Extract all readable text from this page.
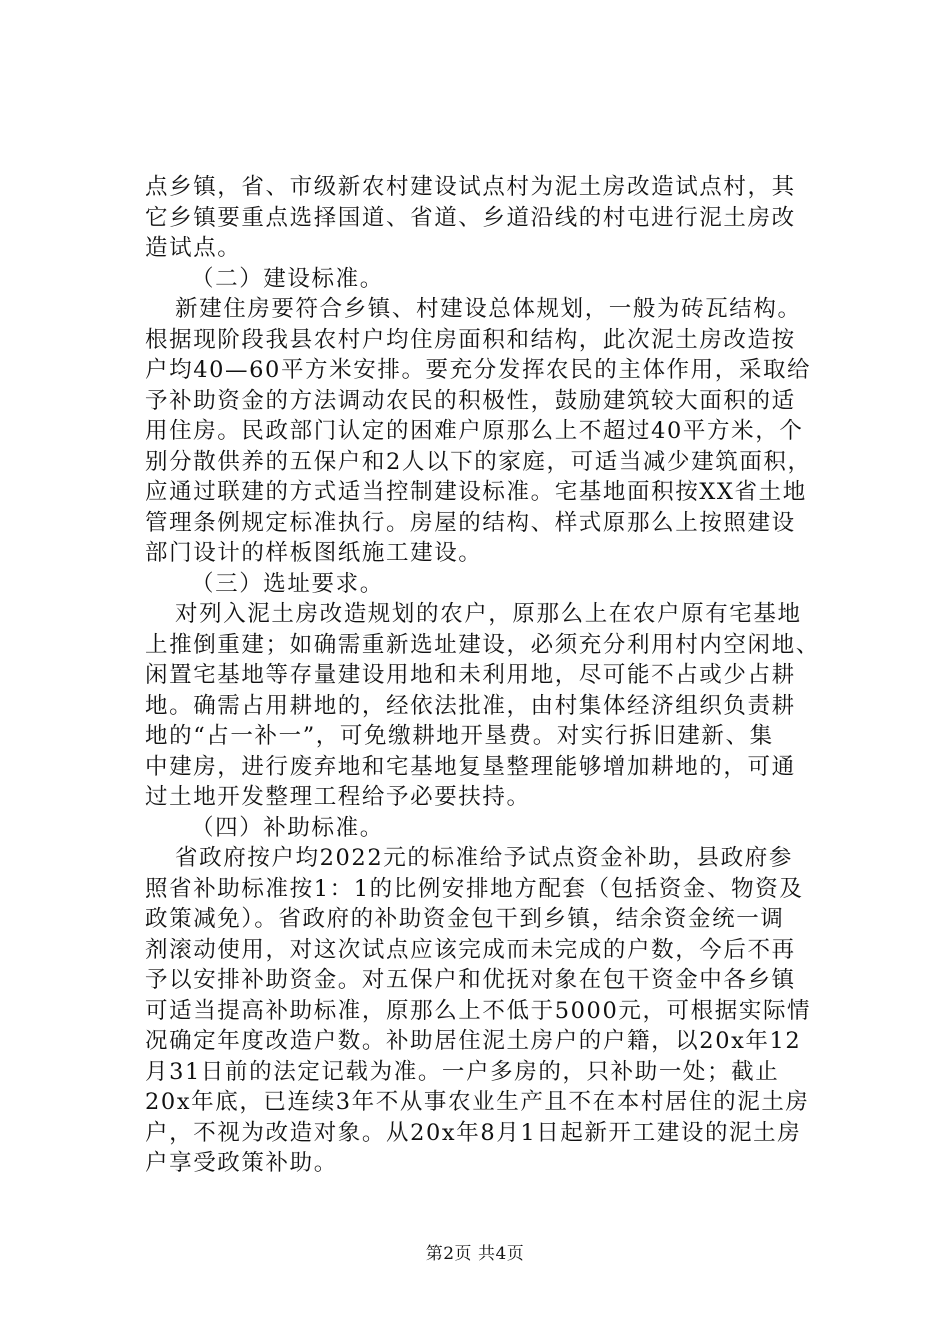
点乡镇，省、市级新农村建设试点村为泥土房改造试点村，其
它乡镇要重点选择国道、省道、乡道沿线的村屯进行泥土房改
造试点。
（二）建设标准。
新建住房要符合乡镇、村建设总体规划，一般为砖瓦结构。
根据现阶段我县农村户均住房面积和结构，此次泥土房改造按
户均40—60平方米安排。要充分发挥农民的主体作用，采取给
予补助资金的方法调动农民的积极性，鼓励建筑较大面积的适
用住房。民政部门认定的困难户原那么上不超过40平方米，个
别分散供养的五保户和2人以下的家庭，可适当减少建筑面积，
应通过联建的方式适当控制建设标准。宅基地面积按XX省土地
管理条例规定标准执行。房屋的结构、样式原那么上按照建设
部门设计的样板图纸施工建设。
（三）选址要求。
对列入泥土房改造规划的农户，原那么上在农户原有宅基地
上推倒重建；如确需重新选址建设，必须充分利用村内空闲地、
闲置宅基地等存量建设用地和未利用地，尽可能不占或少占耕
地。确需占用耕地的，经依法批准，由村集体经济组织负责耕
地的“占一补一”，可免缴耕地开垦费。对实行拆旧建新、集
中建房，进行废弃地和宅基地复垦整理能够增加耕地的，可通
过土地开发整理工程给予必要扶持。
（四）补助标准。
省政府按户均2022元的标准给予试点资金补助，县政府参
照省补助标准按1：1的比例安排地方配套（包括资金、物资及
政策减免）。省政府的补助资金包干到乡镇，结余资金统一调
剂滚动使用，对这次试点应该完成而未完成的户数，今后不再
予以安排补助资金。对五保户和优抚对象在包干资金中各乡镇
可适当提高补助标准，原那么上不低于5000元，可根据实际情
况确定年度改造户数。补助居住泥土房户的户籍，以20x年12
月31日前的法定记载为准。一户多房的，只补助一处；截止
20x年底，已连续3年不从事农业生产且不在本村居住的泥土房
户，不视为改造对象。从20x年8月1日起新开工建设的泥土房
户享受政策补助。
第2页 共4页
